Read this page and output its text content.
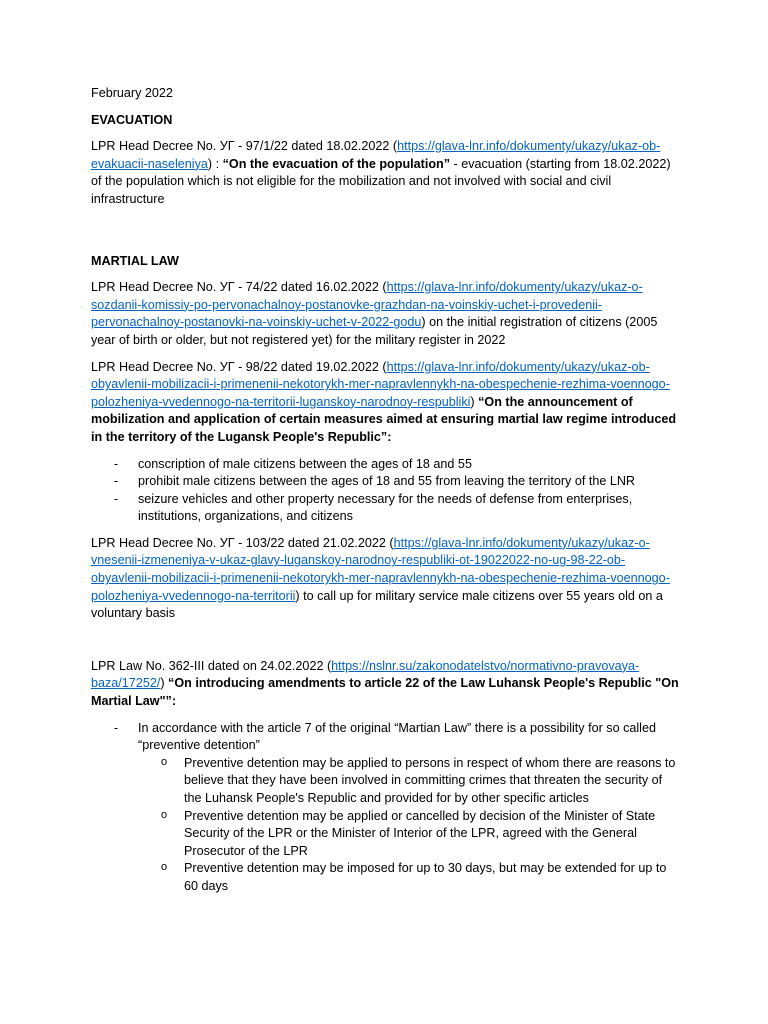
February 2022

EVACUATION

LPR Head Decree No. УГ - 97/1/22 dated 18.02.2022 (https://glava-lnr.info/dokumenty/ukazy/ukaz-ob-evakuacii-naseleniya) : “On the evacuation of the population” - evacuation (starting from 18.02.2022) of the population which is not eligible for the mobilization and not involved with social and civil infrastructure

MARTIAL LAW

LPR Head Decree No. УГ - 74/22 dated 16.02.2022 (https://glava-lnr.info/dokumenty/ukazy/ukaz-o-sozdanii-komissiy-po-pervonachalnoy-postanovke-grazhdan-na-voinskiy-uchet-i-provedenii-pervonachalnoy-postanovki-na-voinskiy-uchet-v-2022-godu) on the initial registration of citizens (2005 year of birth or older, but not registered yet) for the military register in 2022

LPR Head Decree No. УГ - 98/22 dated 19.02.2022 (https://glava-lnr.info/dokumenty/ukazy/ukaz-ob-obyavlenii-mobilizacii-i-primenenii-nekotorykh-mer-napravlennykh-na-obespechenie-rezhima-voennogo-polozheniya-vvedennogo-na-territorii-luganskoy-narodnoy-respubliki) “On the announcement of mobilization and application of certain measures aimed at ensuring martial law regime introduced in the territory of the Lugansk People's Republic”:

- conscription of male citizens between the ages of 18 and 55
- prohibit male citizens between the ages of 18 and 55 from leaving the territory of the LNR
- seizure vehicles and other property necessary for the needs of defense from enterprises, institutions, organizations, and citizens

LPR Head Decree No. УГ - 103/22 dated 21.02.2022 (https://glava-lnr.info/dokumenty/ukazy/ukaz-o-vnesenii-izmeneniya-v-ukaz-glavy-luganskoy-narodnoy-respubliki-ot-19022022-no-ug-98-22-ob-obyavlenii-mobilizacii-i-primenenii-nekotorykh-mer-napravlennykh-na-obespechenie-rezhima-voennogo-polozheniya-vvedennogo-na-territorii) to call up for military service male citizens over 55 years old on a voluntary basis

LPR Law No. 362-III dated on 24.02.2022 (https://nslnr.su/zakonodatelstvo/normativno-pravovaya-baza/17252/) “On introducing amendments to article 22 of the Law Luhansk People's Republic "On Martial Law"”:

- In accordance with the article 7 of the original “Martian Law” there is a possibility for so called “preventive detention”
o Preventive detention may be applied to persons in respect of whom there are reasons to believe that they have been involved in committing crimes that threaten the security of the Luhansk People's Republic and provided for by other specific articles
o Preventive detention may be applied or cancelled by decision of the Minister of State Security of the LPR or the Minister of Interior of the LPR, agreed with the General Prosecutor of the LPR
o Preventive detention may be imposed for up to 30 days, but may be extended for up to 60 days
